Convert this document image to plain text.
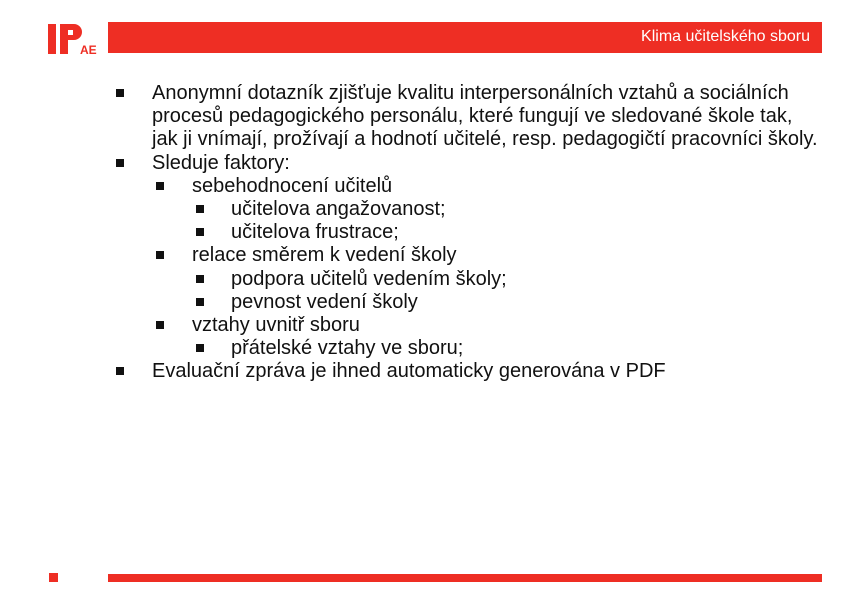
AE
Klima učitelského sboru
Anonymní dotazník zjišťuje kvalitu interpersonálních vztahů a sociálních procesů pedagogického personálu, které fungují ve sledované škole tak, jak ji vnímají, prožívají a hodnotí učitelé, resp. pedagogičtí pracovníci školy.
Sleduje faktory:
sebehodnocení učitelů
učitelova angažovanost;
učitelova frustrace;
relace směrem k vedení školy
podpora učitelů vedením školy;
pevnost vedení školy
vztahy uvnitř sboru
přátelské vztahy ve sboru;
Evaluační zpráva je ihned automaticky generována v PDF
